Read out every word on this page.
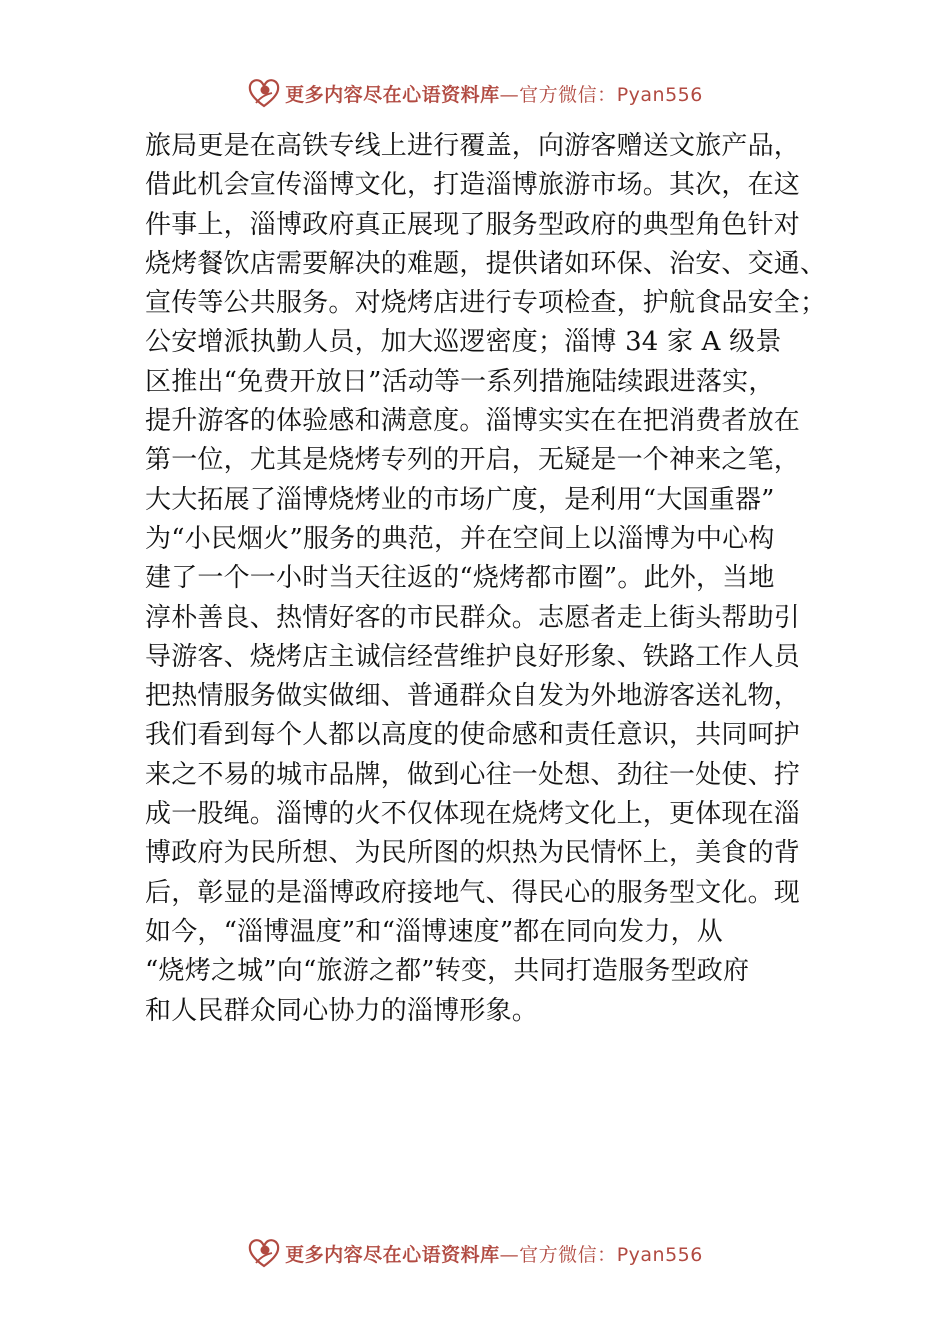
更多内容尽在心语资料库—官方微信：Pyan556
旅局更是在高铁专线上进行覆盖，向游客赠送文旅产品，
借此机会宣传淄博文化，打造淄博旅游市场。其次，在这
件事上，淄博政府真正展现了服务型政府的典型角色针对
烧烤餐饮店需要解决的难题，提供诸如环保、治安、交通、
宣传等公共服务。对烧烤店进行专项检查，护航食品安全；
公安增派执勤人员，加大巡逻密度；淄博 34 家 A 级景
区推出“免费开放日”活动等一系列措施陆续跟进落实，
提升游客的体验感和满意度。淄博实实在在把消费者放在
第一位，尤其是烧烤专列的开启，无疑是一个神来之笔，
大大拓展了淄博烧烤业的市场广度，是利用“大国重器”
为“小民烟火”服务的典范，并在空间上以淄博为中心构
建了一个一小时当天往返的“烧烤都市圈”。此外，当地
淳朴善良、热情好客的市民群众。志愿者走上街头帮助引
导游客、烧烤店主诚信经营维护良好形象、铁路工作人员
把热情服务做实做细、普通群众自发为外地游客送礼物，
我们看到每个人都以高度的使命感和责任意识，共同呵护
来之不易的城市品牌，做到心往一处想、劲往一处使、拧
成一股绳。淄博的火不仅体现在烧烤文化上，更体现在淄
博政府为民所想、为民所图的炽热为民情怀上，美食的背
后，彰显的是淄博政府接地气、得民心的服务型文化。现
如今，“淄博温度”和“淄博速度”都在同向发力，从
“烧烤之城”向“旅游之都”转变，共同打造服务型政府
和人民群众同心协力的淄博形象。
更多内容尽在心语资料库—官方微信：Pyan556
